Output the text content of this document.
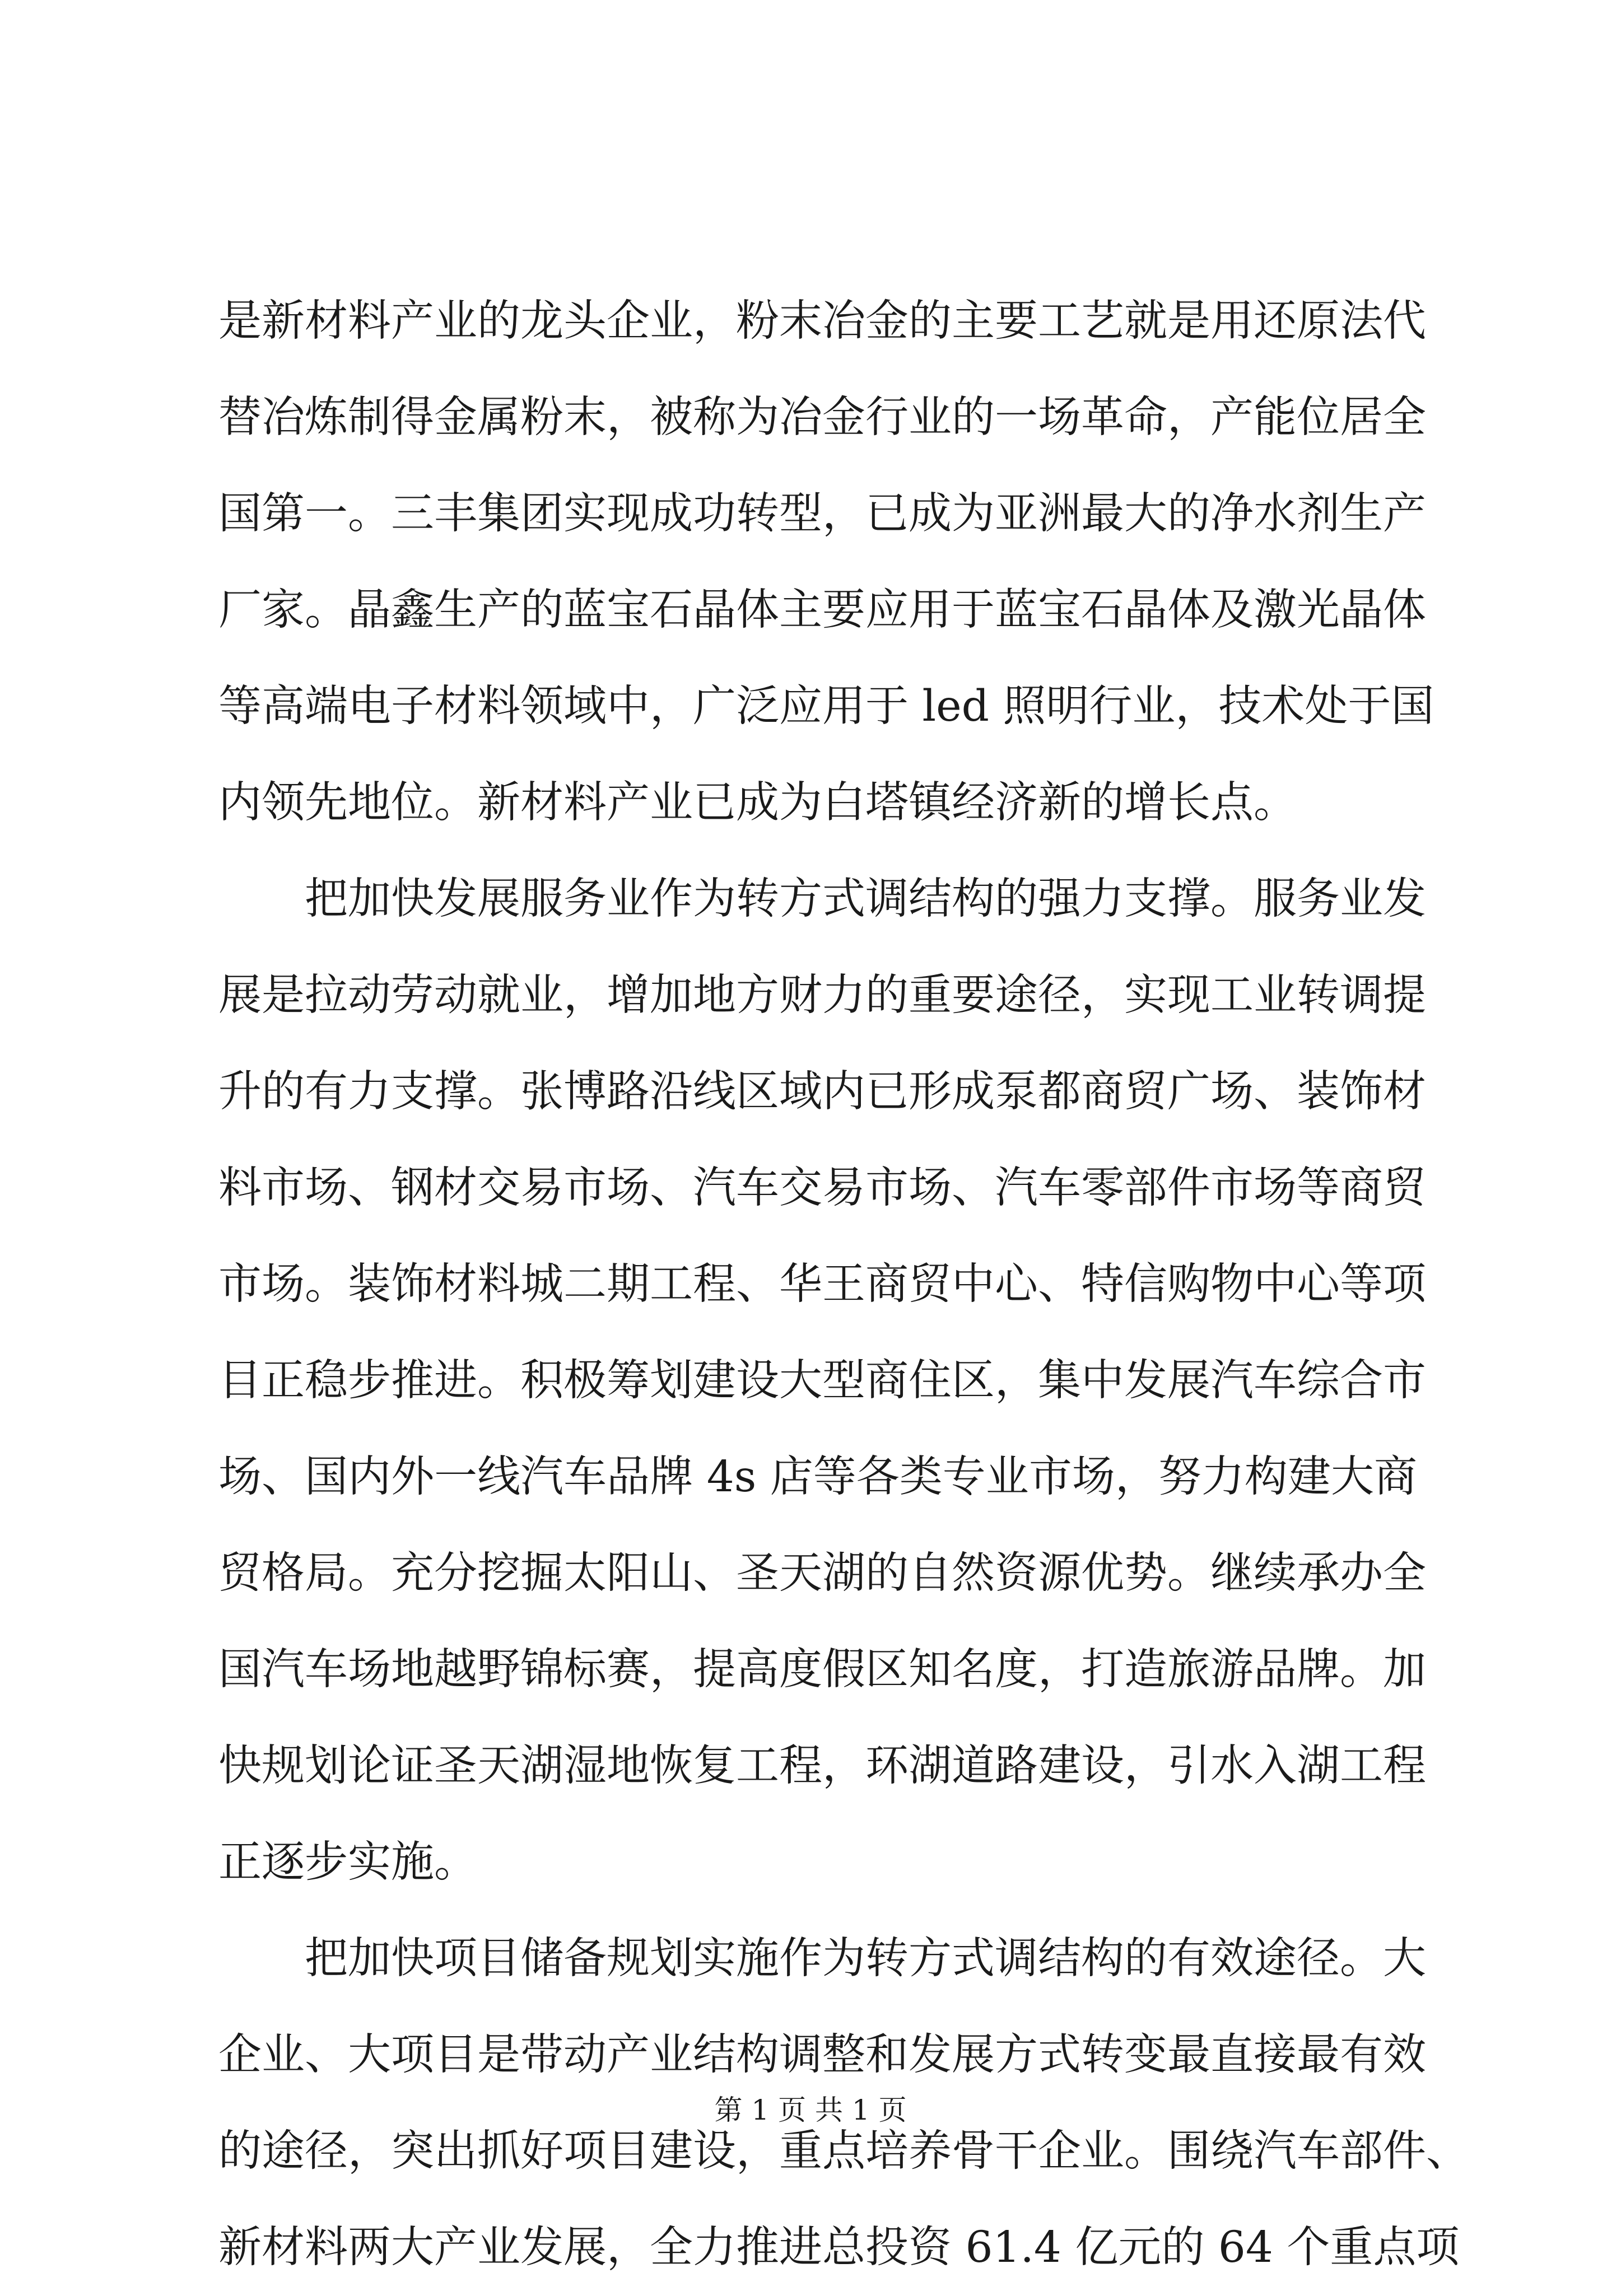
是新材料产业的龙头企业，粉末冶金的主要工艺就是用还原法代
替冶炼制得金属粉末，被称为冶金行业的一场革命，产能位居全
国第一。三丰集团实现成功转型，已成为亚洲最大的净水剂生产
厂家。晶鑫生产的蓝宝石晶体主要应用于蓝宝石晶体及激光晶体
等高端电子材料领域中，广泛应用于 led 照明行业，技术处于国
内领先地位。新材料产业已成为白塔镇经济新的增长点。
把加快发展服务业作为转方式调结构的强力支撑。服务业发
展是拉动劳动就业，增加地方财力的重要途径，实现工业转调提
升的有力支撑。张博路沿线区域内已形成泵都商贸广场、装饰材
料市场、钢材交易市场、汽车交易市场、汽车零部件市场等商贸
市场。装饰材料城二期工程、华王商贸中心、特信购物中心等项
目正稳步推进。积极筹划建设大型商住区，集中发展汽车综合市
场、国内外一线汽车品牌 4s 店等各类专业市场，努力构建大商
贸格局。充分挖掘太阳山、圣天湖的自然资源优势。继续承办全
国汽车场地越野锦标赛，提高度假区知名度，打造旅游品牌。加
快规划论证圣天湖湿地恢复工程，环湖道路建设，引水入湖工程
正逐步实施。
把加快项目储备规划实施作为转方式调结构的有效途径。大
企业、大项目是带动产业结构调整和发展方式转变最直接最有效
的途径，突出抓好项目建设，重点培养骨干企业。围绕汽车部件、
新材料两大产业发展，全力推进总投资 61.4 亿元的 64 个重点项
第 1 页 共 1 页
